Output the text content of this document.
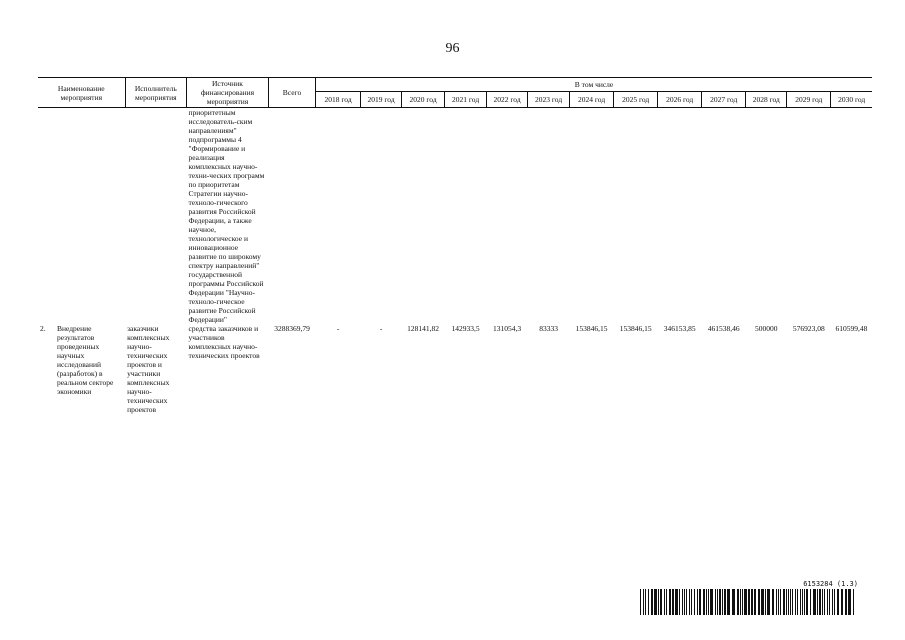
96
Наименование мероприятия	Исполнитель мероприятия	Источник финансирования мероприятия	Всего	В том числе												
				2018 год	2019 год	2020 год	2021 год	2022 год	2023 год	2024 год	2025 год	2026 год	2027 год	2028 год	2029 год	2030 год
		приоритетным исследователь-ским направлениям" подпрограммы 4 "Формирование и реализация комплексных научно-техни-ческих программ по приоритетам Стратегии научно-техноло-гического развития Российской Федерации, а также научное, технологическое и инновационное развитие по широкому спектру направлений" государственной программы Российской Федерации "Научно-техноло-гическое развитие Российской Федерации"														

2. Внедрение результатов проведенных научных исследований (разработок) в реальном секторе экономики	заказчики комплексных научно-технических проектов и участники комплексных научно-технических проектов	средства заказчиков и участников комплексных научно-технических проектов	3288369,79	-	-	128141,82	142933,5	131054,3	83333	153846,15	153846,15	346153,85	461538,46	500000	576923,08	610599,48
6153284 (1.3)
